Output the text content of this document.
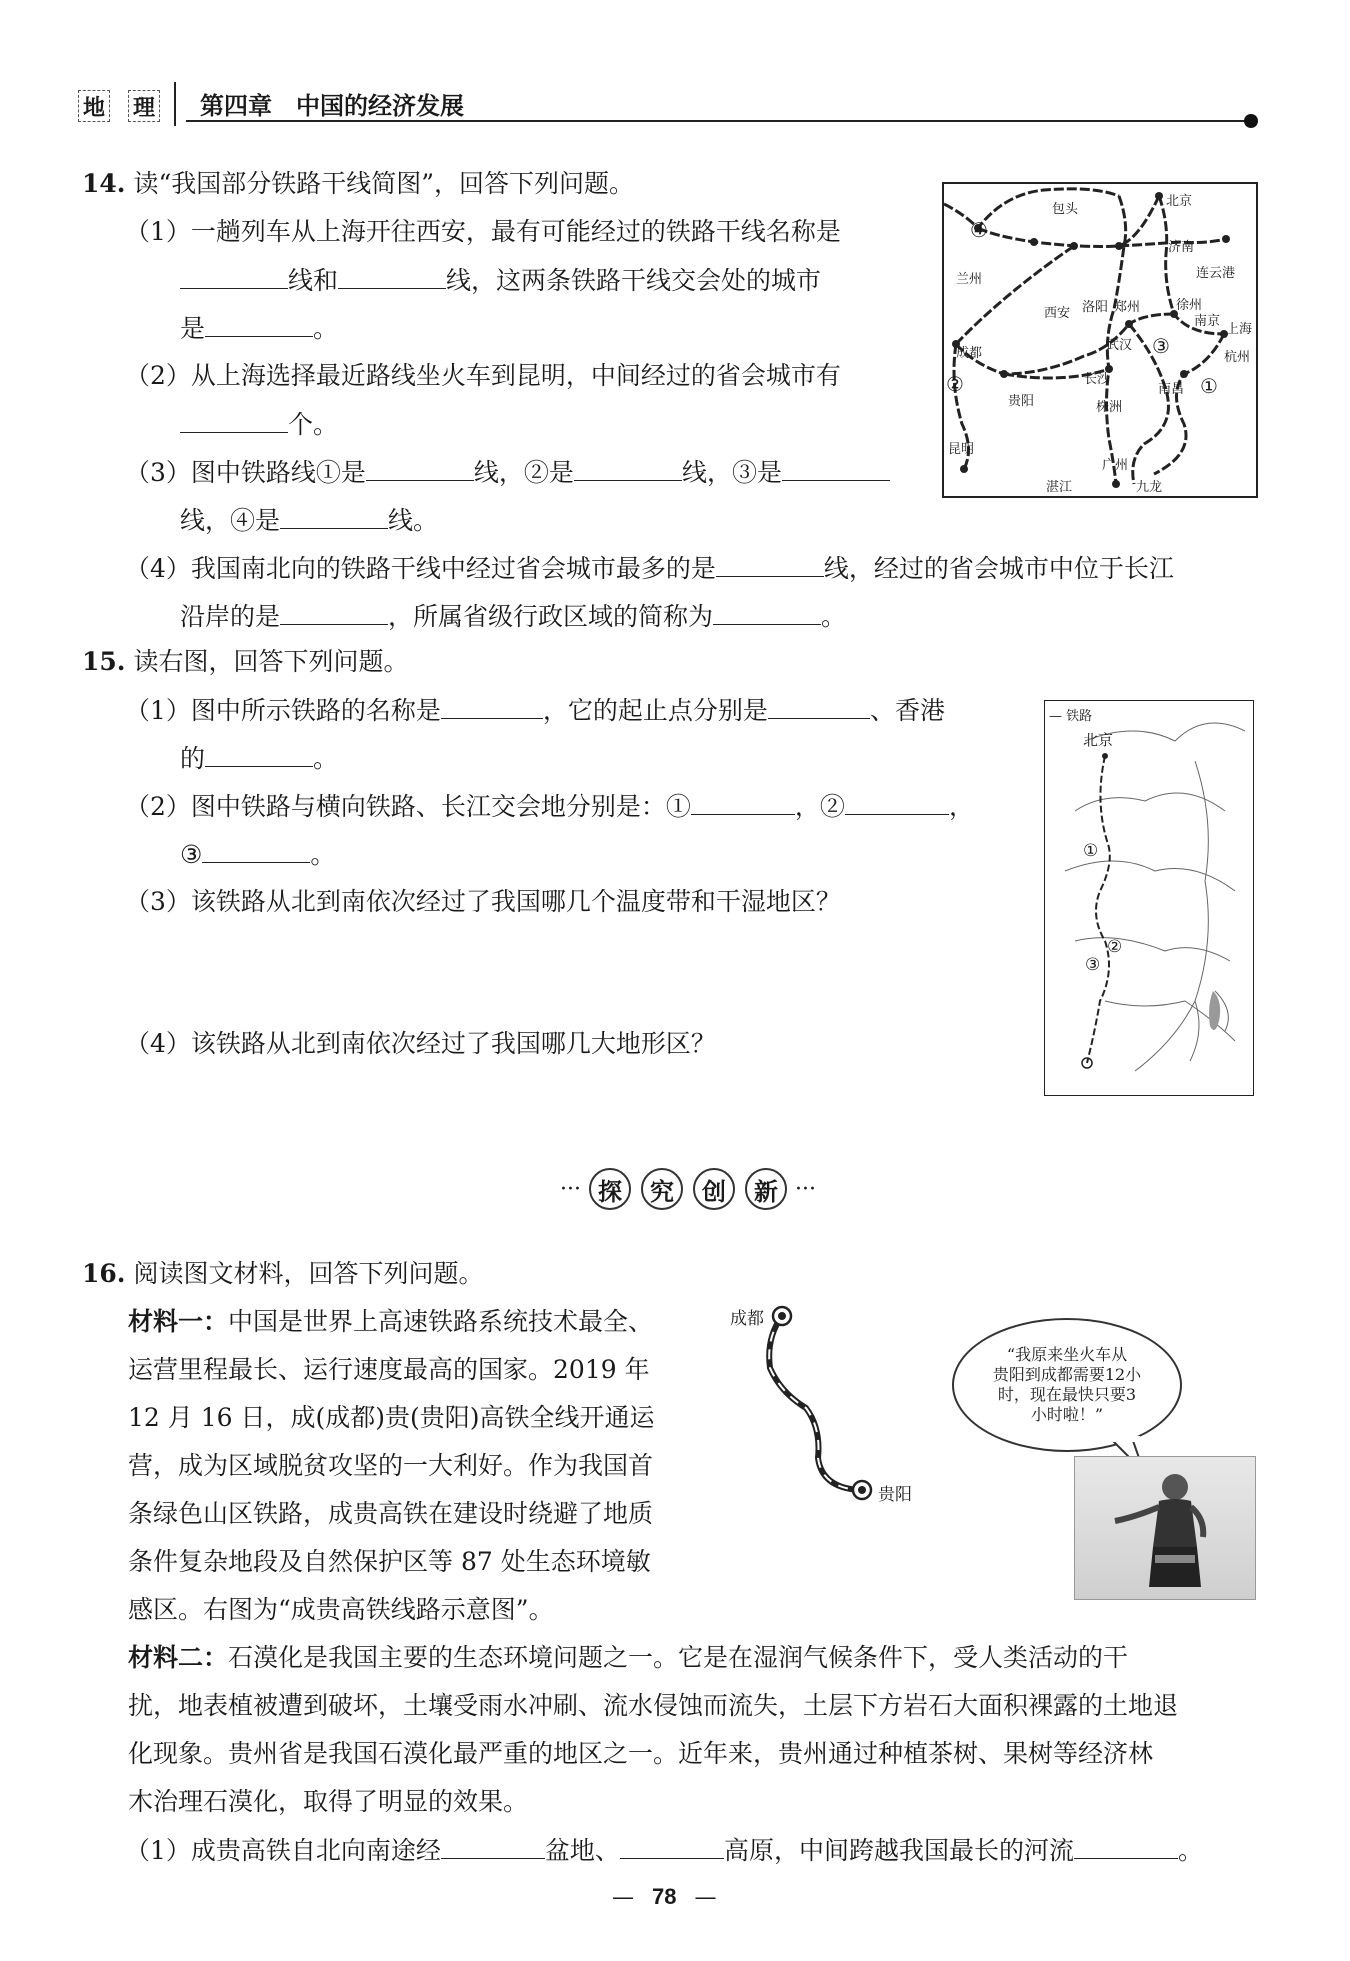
地 理 第四章　中国的经济发展
14. 读“我国部分铁路干线简图”，回答下列问题。
（1）一趟列车从上海开往西安，最有可能经过的铁路干线名称是
线和	线，这两条铁路干线交会处的城市
是	。
（2）从上海选择最近路线坐火车到昆明，中间经过的省会城市有
个。
（3）图中铁路线①是	线，②是	线，③是
线，④是	线。
（4）我国南北向的铁路干线中经过省会城市最多的是	线，经过的省会城市中位于长江
沿岸的是	，所属省级行政区域的简称为	。
包头
北京
济南
连云港
兰州
西安 洛阳 郑州	徐州
南京
上海
杭州
成都
武汉
长沙
南昌
株洲
贵阳
昆明
湛江
广州
九龙
①
②
③
④
15. 读右图，回答下列问题。
（1）图中所示铁路的名称是	，它的起止点分别是	、香港
的	。
（2）图中铁路与横向铁路、长江交会地分别是：①	，②	，
③	。
（3）该铁路从北到南依次经过了我国哪几个温度带和干湿地区？
（4）该铁路从北到南依次经过了我国哪几大地形区？
— 铁路
北京
①
②
③
··· 探	究	创	新 ···
16. 阅读图文材料，回答下列问题。
材料一：中国是世界上高速铁路系统技术最全、
运营里程最长、运行速度最高的国家。2019 年
12 月 16 日，成(成都)贵(贵阳)高铁全线开通运
营，成为区域脱贫攻坚的一大利好。作为我国首
条绿色山区铁路，成贵高铁在建设时绕避了地质
条件复杂地段及自然保护区等 87 处生态环境敏
感区。右图为“成贵高铁线路示意图”。
成都
贵阳
“我原来坐火车从
贵阳到成都需要12小
时，现在最快只要3
小时啦！”
材料二：石漠化是我国主要的生态环境问题之一。它是在湿润气候条件下，受人类活动的干
扰，地表植被遭到破坏，土壤受雨水冲刷、流水侵蚀而流失，土层下方岩石大面积裸露的土地退
化现象。贵州省是我国石漠化最严重的地区之一。近年来，贵州通过种植茶树、果树等经济林
木治理石漠化，取得了明显的效果。
（1）成贵高铁自北向南途经	盆地、	高原，中间跨越我国最长的河流	。
— 78 —
